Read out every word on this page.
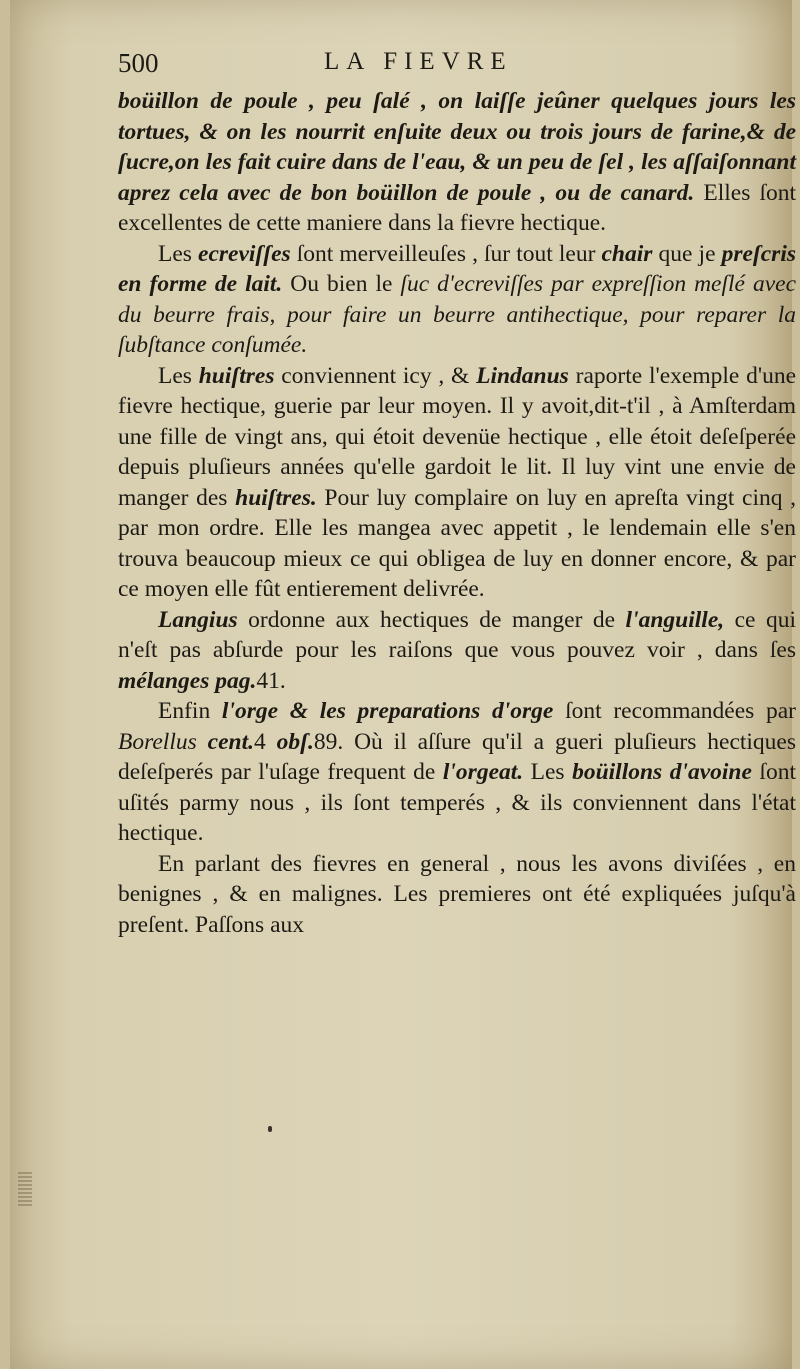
500	LA FIEVRE

boüillon de poule , peu ſalé , on laiſſe jeûner quelques jours les tortues, & on les nourrit enſuite deux ou trois jours de farine,& de ſucre,on les fait cuire dans de l'eau, & un peu de ſel , les aſſaiſonnant aprez cela avec de bon boüillon de poule , ou de canard. Elles ſont excellentes de cette maniere dans la fievre hectique.

Les ecreviſſes ſont merveilleuſes , ſur tout leur chair que je preſcris en forme de lait. Ou bien le ſuc d'ecreviſſes par expreſſion meſlé avec du beurre frais, pour faire un beurre antihectique, pour reparer la ſubſtance conſumée.

Les huiſtres conviennent icy , & Lindanus raporte l'exemple d'une fievre hectique, guerie par leur moyen. Il y avoit,dit-t'il , à Amſterdam une fille de vingt ans, qui étoit devenüe hectique , elle étoit deſeſperée depuis pluſieurs années qu'elle gardoit le lit. Il luy vint une envie de manger des huiſtres. Pour luy complaire on luy en apreſta vingt cinq , par mon ordre. Elle les mangea avec appetit , le lendemain elle s'en trouva beaucoup mieux ce qui obligea de luy en donner encore, & par ce moyen elle fût entierement delivrée.

Langius ordonne aux hectiques de manger de l'anguille, ce qui n'eſt pas abſurde pour les raiſons que vous pouvez voir , dans ſes mélanges pag.41.

Enfin l'orge & les preparations d'orge ſont recommandées par Borellus cent.4 obſ.89. Où il aſſure qu'il a gueri pluſieurs hectiques deſeſperés par l'uſage frequent de l'orgeat. Les boüillons d'avoine ſont uſités parmy nous , ils ſont temperés , & ils conviennent dans l'état hectique.

En parlant des fievres en general , nous les avons diviſées , en benignes , & en malignes. Les premieres ont été expliquées juſqu'à preſent. Paſſons aux
